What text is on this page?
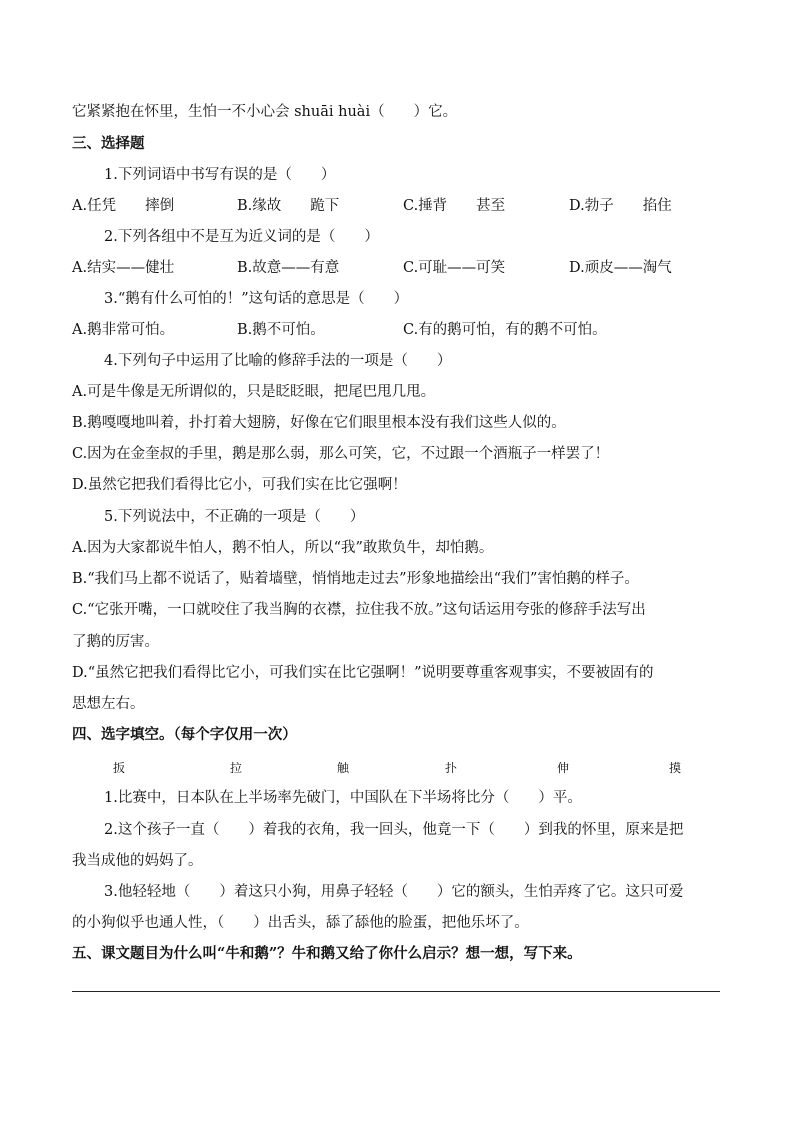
它紧紧抱在怀里，生怕一不小心会 shuāi huài（　　）它。
三、选择题
1.下列词语中书写有误的是（　　）
A.任凭　　摔倒	B.缘故　　跪下	C.捶背　　甚至	D.勃子　　掐住
2.下列各组中不是互为近义词的是（　　）
A.结实——健壮	B.故意——有意	C.可耻——可笑	D.顽皮——淘气
3.“鹅有什么可怕的！”这句话的意思是（　　）
A.鹅非常可怕。	B.鹅不可怕。	C.有的鹅可怕，有的鹅不可怕。
4.下列句子中运用了比喻的修辞手法的一项是（　　）
A.可是牛像是无所谓似的，只是眨眨眼，把尾巴甩几甩。
B.鹅嘎嘎地叫着，扑打着大翅膀，好像在它们眼里根本没有我们这些人似的。
C.因为在金奎叔的手里，鹅是那么弱，那么可笑，它，不过跟一个酒瓶子一样罢了！
D.虽然它把我们看得比它小，可我们实在比它强啊！
5.下列说法中，不正确的一项是（　　）
A.因为大家都说牛怕人，鹅不怕人，所以“我”敢欺负牛，却怕鹅。
B.“我们马上都不说话了，贴着墙壁，悄悄地走过去”形象地描绘出“我们”害怕鹅的样子。
C.“它张开嘴，一口就咬住了我当胸的衣襟，拉住我不放。”这句话运用夸张的修辞手法写出
了鹅的厉害。
D.“虽然它把我们看得比它小，可我们实在比它强啊！”说明要尊重客观事实，不要被固有的
思想左右。
四、选字填空。（每个字仅用一次）
扳	拉	触	扑	伸	摸
1.比赛中，日本队在上半场率先破门，中国队在下半场将比分（　　）平。
2.这个孩子一直（　　）着我的衣角，我一回头，他竟一下（　　）到我的怀里，原来是把
我当成他的妈妈了。
3.他轻轻地（　　）着这只小狗，用鼻子轻轻（　　）它的额头，生怕弄疼了它。这只可爱
的小狗似乎也通人性，（　　）出舌头，舔了舔他的脸蛋，把他乐坏了。
五、课文题目为什么叫“牛和鹅”？牛和鹅又给了你什么启示？想一想，写下来。
